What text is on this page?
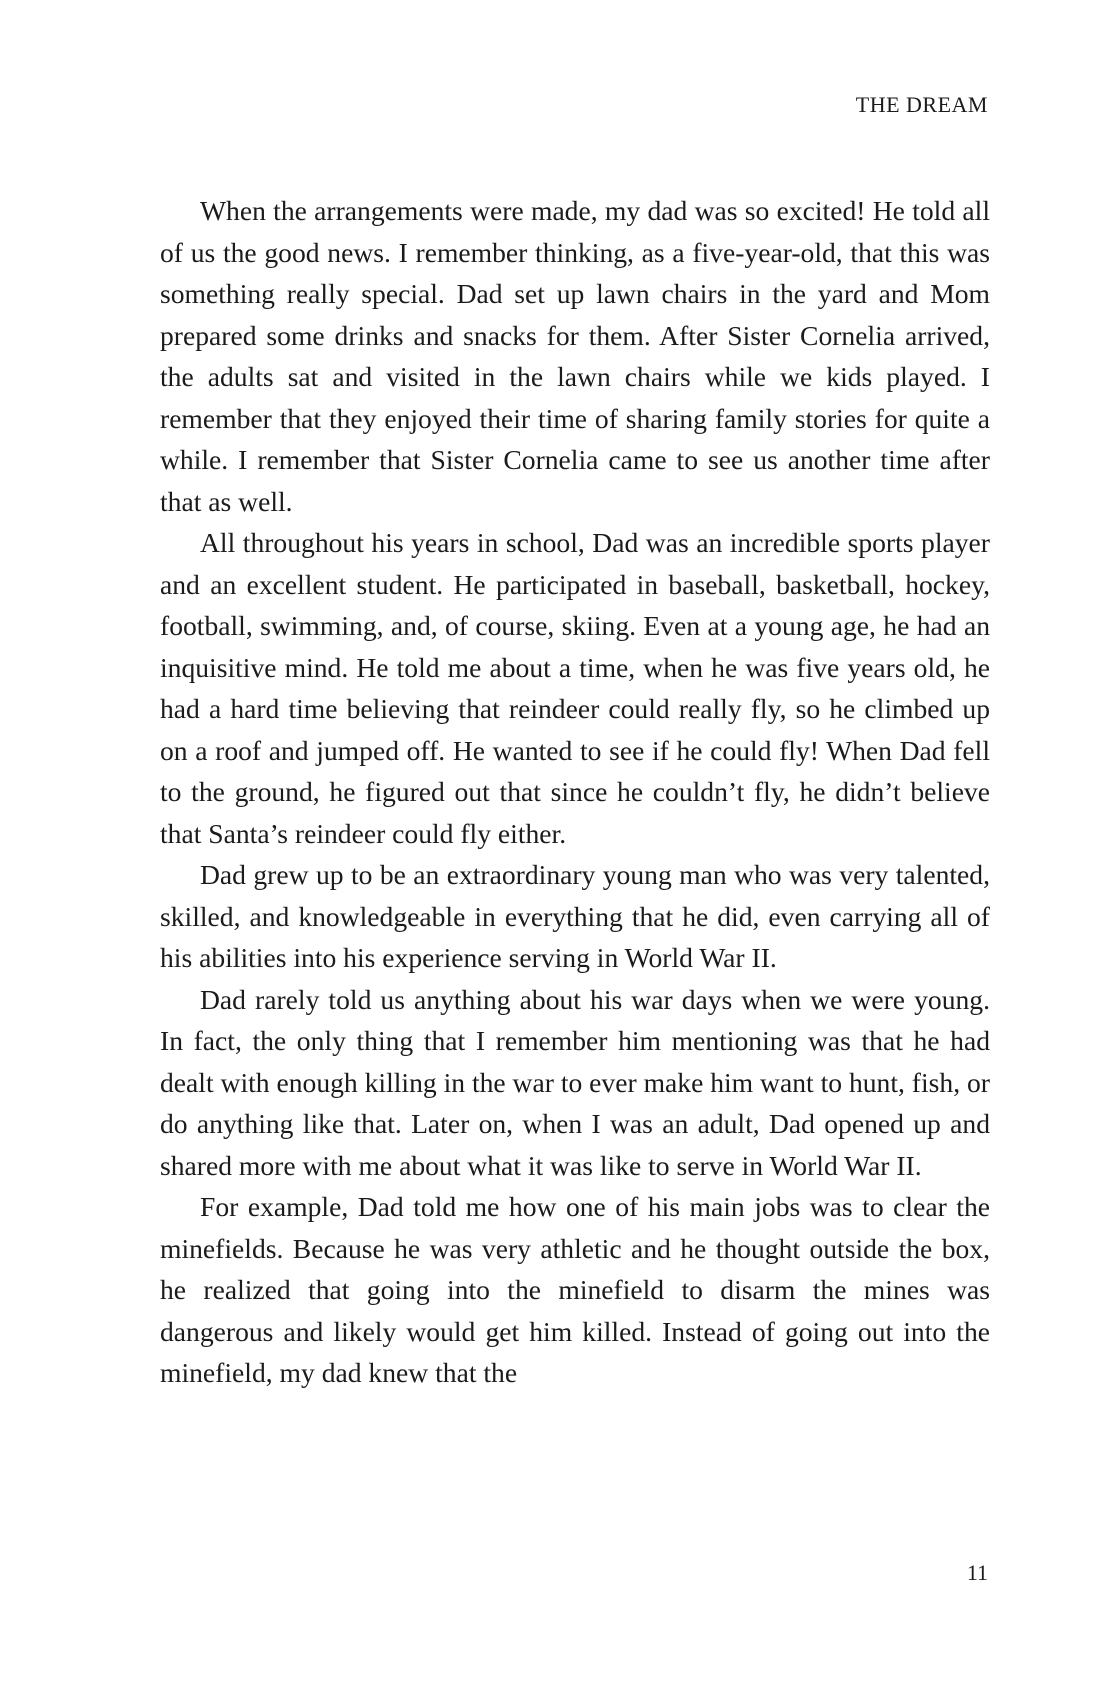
THE DREAM

When the arrangements were made, my dad was so excited! He told all of us the good news. I remember thinking, as a five-year-old, that this was something really special. Dad set up lawn chairs in the yard and Mom prepared some drinks and snacks for them. After Sister Cornelia arrived, the adults sat and visited in the lawn chairs while we kids played. I remember that they enjoyed their time of sharing family stories for quite a while. I remember that Sister Cornelia came to see us another time after that as well.

All throughout his years in school, Dad was an incredible sports player and an excellent student. He participated in baseball, basketball, hockey, football, swimming, and, of course, skiing. Even at a young age, he had an inquisitive mind. He told me about a time, when he was five years old, he had a hard time believing that reindeer could really fly, so he climbed up on a roof and jumped off. He wanted to see if he could fly! When Dad fell to the ground, he figured out that since he couldn’t fly, he didn’t believe that Santa’s reindeer could fly either.

Dad grew up to be an extraordinary young man who was very talented, skilled, and knowledgeable in everything that he did, even carrying all of his abilities into his experience serving in World War II.

Dad rarely told us anything about his war days when we were young. In fact, the only thing that I remember him mentioning was that he had dealt with enough killing in the war to ever make him want to hunt, fish, or do anything like that. Later on, when I was an adult, Dad opened up and shared more with me about what it was like to serve in World War II.

For example, Dad told me how one of his main jobs was to clear the minefields. Because he was very athletic and he thought outside the box, he realized that going into the minefield to disarm the mines was dangerous and likely would get him killed. Instead of going out into the minefield, my dad knew that the

11
